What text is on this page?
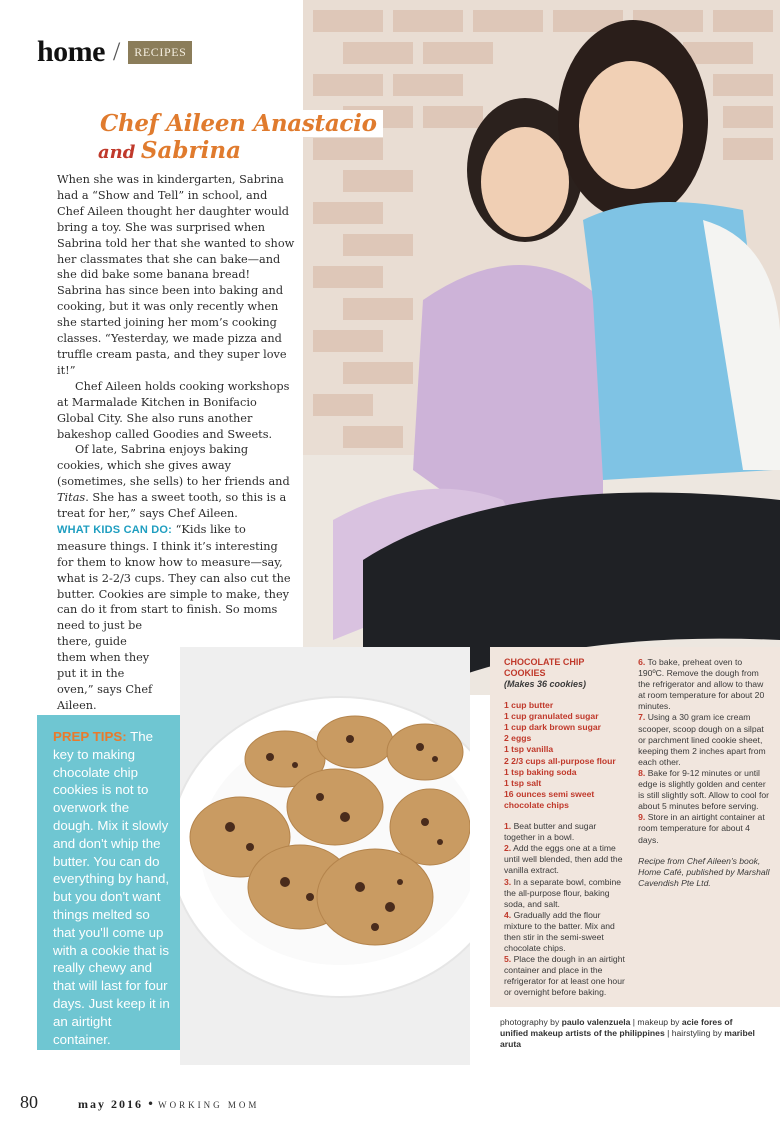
home /	RECIPES
Chef Aileen Anastacio
and Sabrina

When she was in kindergarten, Sabrina had a “Show and Tell” in school, and Chef Aileen thought her daughter would bring a toy. She was surprised when Sabrina told her that she wanted to show her classmates that she can bake—and she did bake some banana bread! Sabrina has since been into baking and cooking, but it was only recently when she started joining her mom’s cooking classes. “Yesterday, we made pizza and truffle cream pasta, and they super love it!”

Chef Aileen holds cooking workshops at Marmalade Kitchen in Bonifacio Global City. She also runs another bakeshop called Goodies and Sweets.

Of late, Sabrina enjoys baking cookies, which she gives away (sometimes, she sells) to her friends and Titas. She has a sweet tooth, so this is a treat for her,” says Chef Aileen.

WHAT KIDS CAN DO: “Kids like to measure things. I think it’s interesting for them to know how to measure—say, what is 2-2/3 cups. They can also cut the butter. Cookies are simple to make, they can do it from start to finish. So moms need to just be

there, guide them when they put it in the oven,” says Chef Aileen.

PREP TIPS: The key to making chocolate chip cookies is not to overwork the dough. Mix it slowly and don't whip the butter. You can do everything by hand, but you don't want things melted so that you'll come up with a cookie that is really chewy and that will last for four days. Just keep it in an airtight container.

CHOCOLATE CHIP COOKIES
(Makes 36 cookies)
1 cup butter
1 cup granulated sugar
1 cup dark brown sugar
2 eggs
1 tsp vanilla
2 2/3 cups all-purpose flour
1 tsp baking soda
1 tsp salt
16 ounces semi sweet chocolate chips
1. Beat butter and sugar together in a bowl.
2. Add the eggs one at a time until well blended, then add the vanilla extract.
3. In a separate bowl, combine the all-purpose flour, baking soda, and salt.
4. Gradually add the flour mixture to the batter. Mix and then stir in the semi-sweet chocolate chips.
5. Place the dough in an airtight container and place in the refrigerator for at least one hour or overnight before baking.
6. To bake, preheat oven to 190ºC. Remove the dough from the refrigerator and allow to thaw at room temperature for about 20 minutes.
7. Using a 30 gram ice cream scooper, scoop dough on a silpat or parchment lined cookie sheet, keeping them 2 inches apart from each other.
8. Bake for 9-12 minutes or until edge is slightly golden and center is still slightly soft. Allow to cool for about 5 minutes before serving.
9. Store in an airtight container at room temperature for about 4 days.
Recipe from Chef Aileen's book, Home Café, published by Marshall Cavendish Pte Ltd.
photography by paulo valenzuela | makeup by acie fores of unified makeup artists of the philippines | hairstyling by maribel aruta
80	may 2016 • WORKING MOM
